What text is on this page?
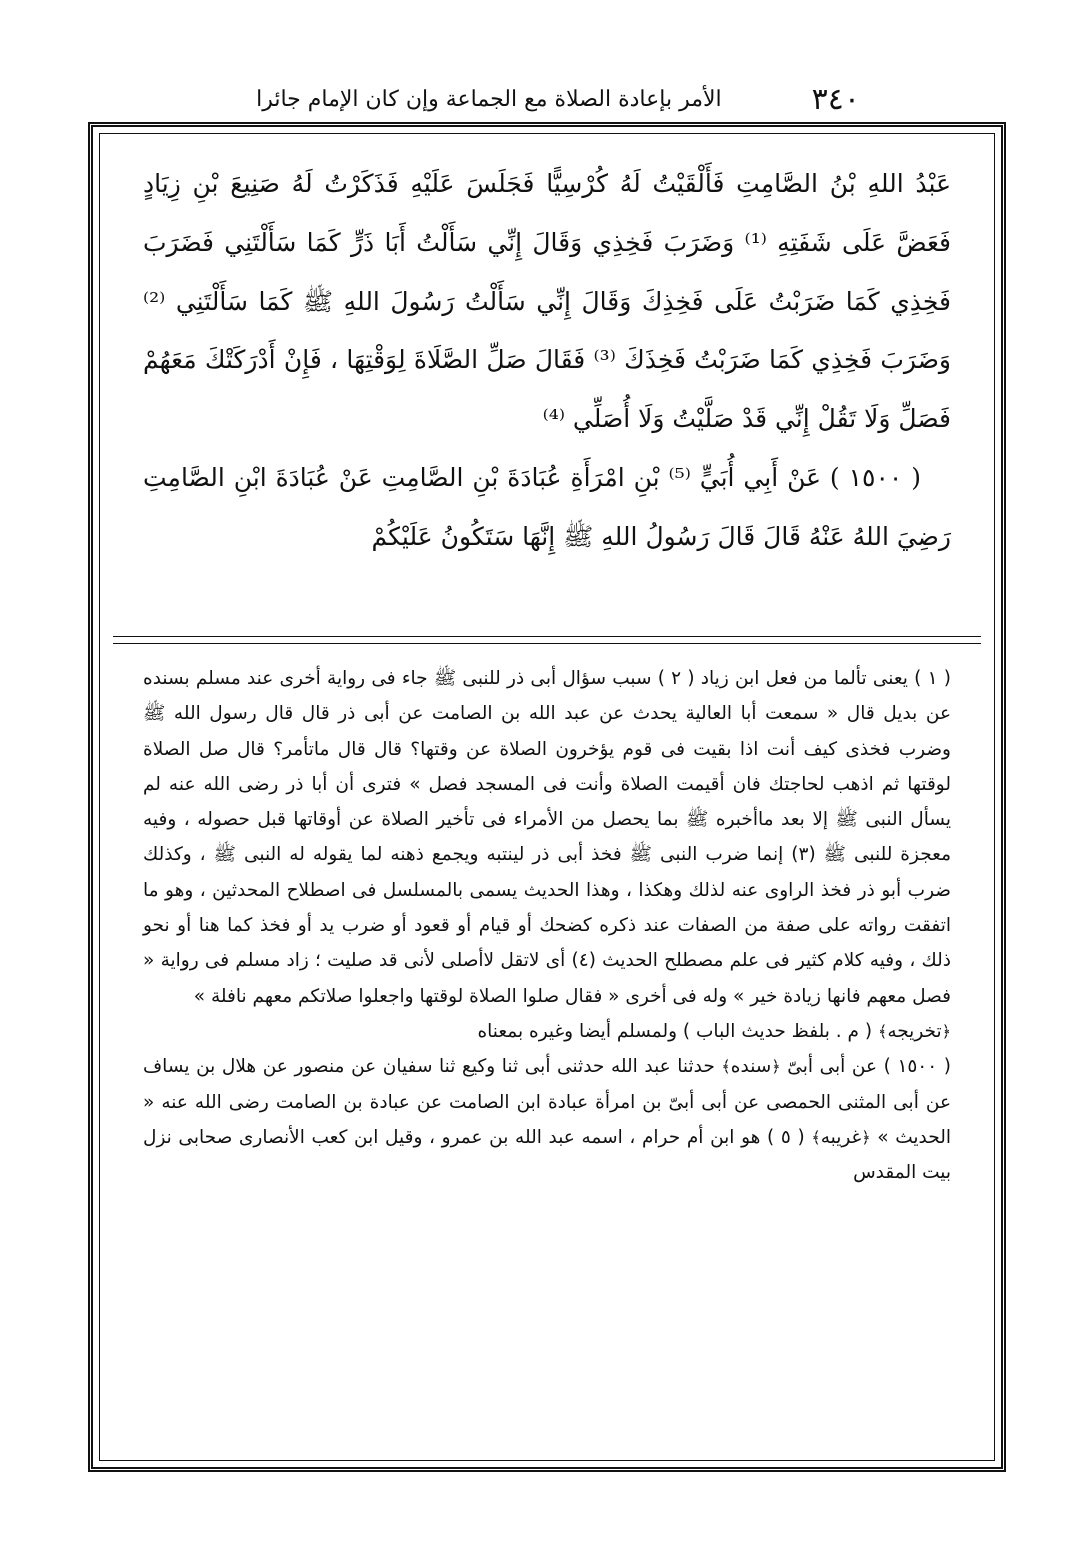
٣٤٠
الأمر بإعادة الصلاة مع الجماعة وإن كان الإمام جائرا

عَبْدُ اللهِ بْنُ الصَّامِتِ فَأَلْقَيْتُ لَهُ كُرْسِيًّا فَجَلَسَ عَلَيْهِ فَذَكَرْتُ لَهُ صَنِيعَ بْنِ زِيَادٍ فَعَضَّ عَلَى شَفَتِهِ ⁽¹⁾ وَضَرَبَ فَخِذِي وَقَالَ إِنِّي سَأَلْتُ أَبَا ذَرٍّ كَمَا سَأَلْتَنِي فَضَرَبَ فَخِذِي كَمَا ضَرَبْتُ عَلَى فَخِذِكَ وَقَالَ إِنِّي سَأَلْتُ رَسُولَ اللهِ ﷺ كَمَا سَأَلْتَنِي ⁽²⁾ وَضَرَبَ فَخِذِي كَمَا ضَرَبْتُ فَخِذَكَ ⁽³⁾ فَقَالَ صَلِّ الصَّلَاةَ لِوَقْتِهَا ، فَإِنْ أَدْرَكَتْكَ مَعَهُمْ فَصَلِّ وَلَا تَقُلْ إِنِّي قَدْ صَلَّيْتُ وَلَا أُصَلِّي ⁽⁴⁾

( ١٥٠٠ ) عَنْ أَبِي أُبَيٍّ ⁽⁵⁾ بْنِ امْرَأَةِ عُبَادَةَ بْنِ الصَّامِتِ عَنْ عُبَادَةَ ابْنِ الصَّامِتِ رَضِيَ اللهُ عَنْهُ قَالَ قَالَ رَسُولُ اللهِ ﷺ إِنَّهَا سَتَكُونُ عَلَيْكُمْ

( ١ ) يعنى تألما من فعل ابن زياد ( ٢ ) سبب سؤال أبى ذر للنبى ﷺ جاء فى رواية أخرى عند مسلم بسنده عن بديل قال « سمعت أبا العالية يحدث عن عبد الله بن الصامت عن أبى ذر قال قال رسول الله ﷺ وضرب فخذى كيف أنت اذا بقيت فى قوم يؤخرون الصلاة عن وقتها؟ قال قال ماتأمر؟ قال صل الصلاة لوقتها ثم اذهب لحاجتك فان أقيمت الصلاة وأنت فى المسجد فصل » فترى أن أبا ذر رضى الله عنه لم يسأل النبى ﷺ إلا بعد ماأخبره ﷺ بما يحصل من الأمراء فى تأخير الصلاة عن أوقاتها قبل حصوله ، وفيه معجزة للنبى ﷺ (٣) إنما ضرب النبى ﷺ فخذ أبى ذر لينتبه ويجمع ذهنه لما يقوله له النبى ﷺ ، وكذلك ضرب أبو ذر فخذ الراوى عنه لذلك وهكذا ، وهذا الحديث يسمى بالمسلسل فى اصطلاح المحدثين ، وهو ما اتفقت رواته على صفة من الصفات عند ذكره كضحك أو قيام أو قعود أو ضرب يد أو فخذ كما هنا أو نحو ذلك ، وفيه كلام كثير فى علم مصطلح الحديث (٤) أى لاتقل لاأصلى لأنى قد صليت ؛ زاد مسلم فى رواية « فصل معهم فانها زيادة خير » وله فى أخرى « فقال صلوا الصلاة لوقتها واجعلوا صلاتكم معهم نافلة »

﴿تخريجه﴾ ( م . بلفظ حديث الباب ) ولمسلم أيضا وغيره بمعناه

( ١٥٠٠ ) عن أبى أبىّ ﴿سنده﴾ حدثنا عبد الله حدثنى أبى ثنا وكيع ثنا سفيان عن منصور عن هلال بن يساف عن أبى المثنى الحمصى عن أبى أبىّ بن امرأة عبادة ابن الصامت عن عبادة بن الصامت رضى الله عنه « الحديث » ﴿غريبه﴾ ( ٥ ) هو ابن أم حرام ، اسمه عبد الله بن عمرو ، وقيل ابن كعب الأنصارى صحابى نزل بيت المقدس
